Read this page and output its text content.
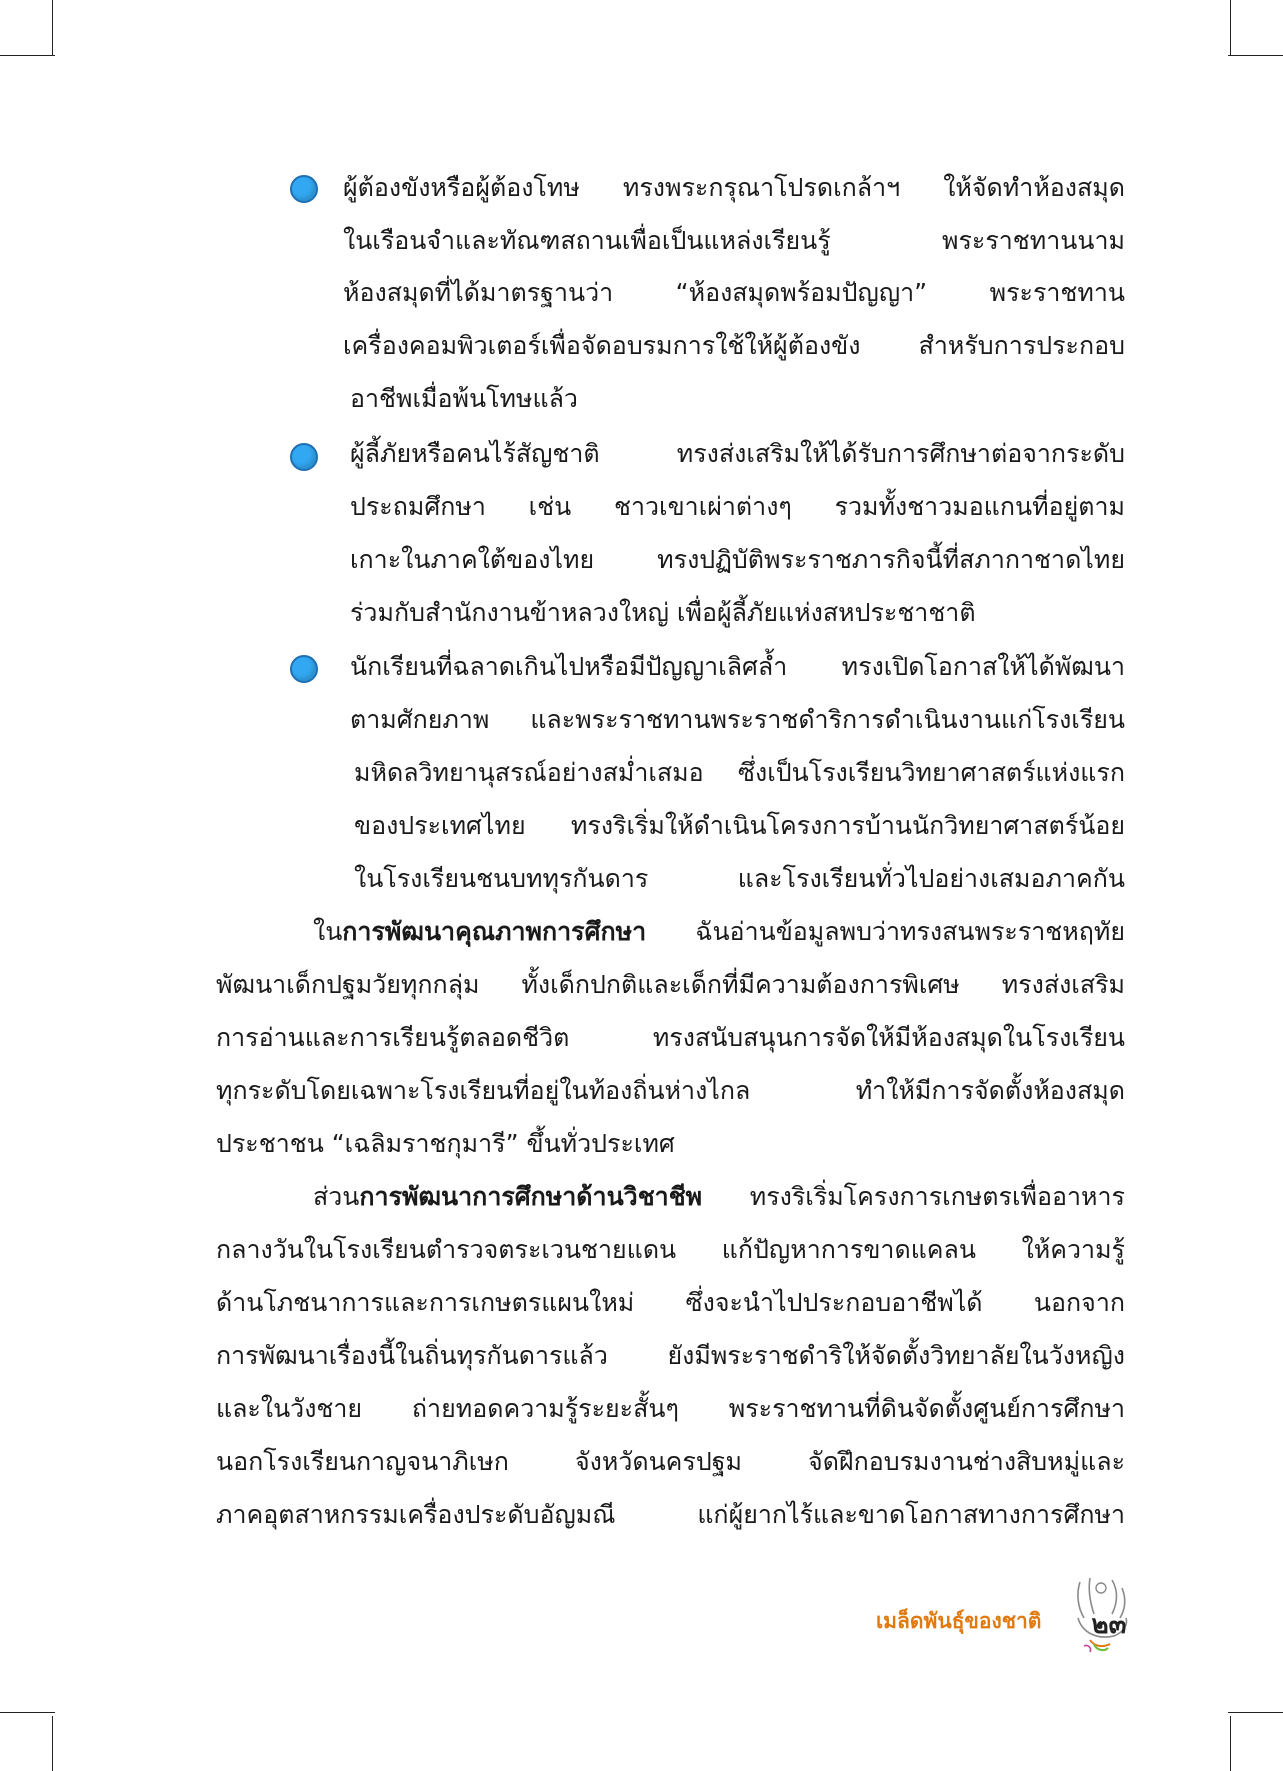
ผู้ต้องขังหรือผู้ต้องโทษ ทรงพระกรุณาโปรดเกล้าฯ ให้จัดทำห้องสมุด
ในเรือนจำและทัณฑสถานเพื่อเป็นแหล่งเรียนรู้ พระราชทานนาม
ห้องสมุดที่ได้มาตรฐานว่า “ห้องสมุดพร้อมปัญญา” พระราชทาน
เครื่องคอมพิวเตอร์เพื่อจัดอบรมการใช้ให้ผู้ต้องขัง สำหรับการประกอบ
อาชีพเมื่อพ้นโทษแล้ว
ผู้ลี้ภัยหรือคนไร้สัญชาติ ทรงส่งเสริมให้ได้รับการศึกษาต่อจากระดับ
ประถมศึกษา เช่น ชาวเขาเผ่าต่างๆ รวมทั้งชาวมอแกนที่อยู่ตาม
เกาะในภาคใต้ของไทย ทรงปฏิบัติพระราชภารกิจนี้ที่สภากาชาดไทย
ร่วมกับสำนักงานข้าหลวงใหญ่ เพื่อผู้ลี้ภัยแห่งสหประชาชาติ
นักเรียนที่ฉลาดเกินไปหรือมีปัญญาเลิศล้ำ ทรงเปิดโอกาสให้ได้พัฒนา
ตามศักยภาพ และพระราชทานพระราชดำริการดำเนินงานแก่โรงเรียน
มหิดลวิทยานุสรณ์อย่างสม่ำเสมอ ซึ่งเป็นโรงเรียนวิทยาศาสตร์แห่งแรก
ของประเทศไทย ทรงริเริ่มให้ดำเนินโครงการบ้านนักวิทยาศาสตร์น้อย
ในโรงเรียนชนบททุรกันดาร และโรงเรียนทั่วไปอย่างเสมอภาคกัน
ในการพัฒนาคุณภาพการศึกษา ฉันอ่านข้อมูลพบว่าทรงสนพระราชหฤทัย
พัฒนาเด็กปฐมวัยทุกกลุ่ม ทั้งเด็กปกติและเด็กที่มีความต้องการพิเศษ ทรงส่งเสริม
การอ่านและการเรียนรู้ตลอดชีวิต ทรงสนับสนุนการจัดให้มีห้องสมุดในโรงเรียน
ทุกระดับโดยเฉพาะโรงเรียนที่อยู่ในท้องถิ่นห่างไกล ทำให้มีการจัดตั้งห้องสมุด
ประชาชน “เฉลิมราชกุมารี” ขึ้นทั่วประเทศ
ส่วนการพัฒนาการศึกษาด้านวิชาชีพ ทรงริเริ่มโครงการเกษตรเพื่ออาหาร
กลางวันในโรงเรียนตำรวจตระเวนชายแดน แก้ปัญหาการขาดแคลน ให้ความรู้
ด้านโภชนาการและการเกษตรแผนใหม่ ซึ่งจะนำไปประกอบอาชีพได้ นอกจาก
การพัฒนาเรื่องนี้ในถิ่นทุรกันดารแล้ว ยังมีพระราชดำริให้จัดตั้งวิทยาลัยในวังหญิง
และในวังชาย ถ่ายทอดความรู้ระยะสั้นๆ พระราชทานที่ดินจัดตั้งศูนย์การศึกษา
นอกโรงเรียนกาญจนาภิเษก จังหวัดนครปฐม จัดฝึกอบรมงานช่างสิบหมู่และ
ภาคอุตสาหกรรมเครื่องประดับอัญมณี แก่ผู้ยากไร้และขาดโอกาสทางการศึกษา
เมล็ดพันธุ์ของชาติ	๒๓
